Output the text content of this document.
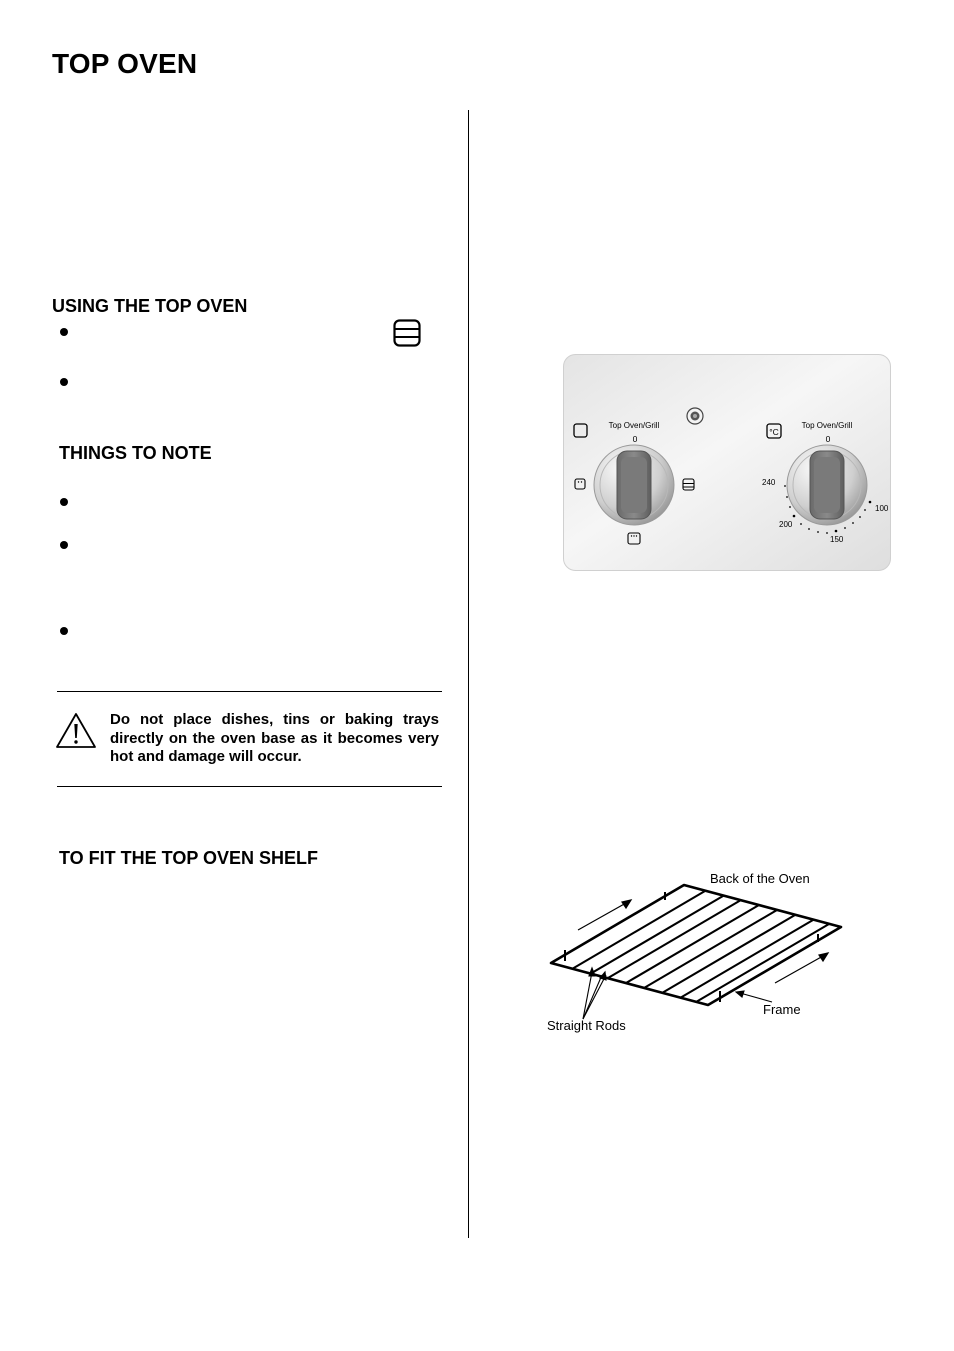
TOP OVEN
USING THE TOP OVEN
THINGS TO NOTE
Do not place dishes, tins or baking trays directly on the oven base as it becomes very hot and damage will occur.
TO FIT THE TOP OVEN SHELF
Top Oven/Grill
0
Top Oven/Grill
0
°C
240
200
150
100
Back of the Oven
Frame
Straight Rods
